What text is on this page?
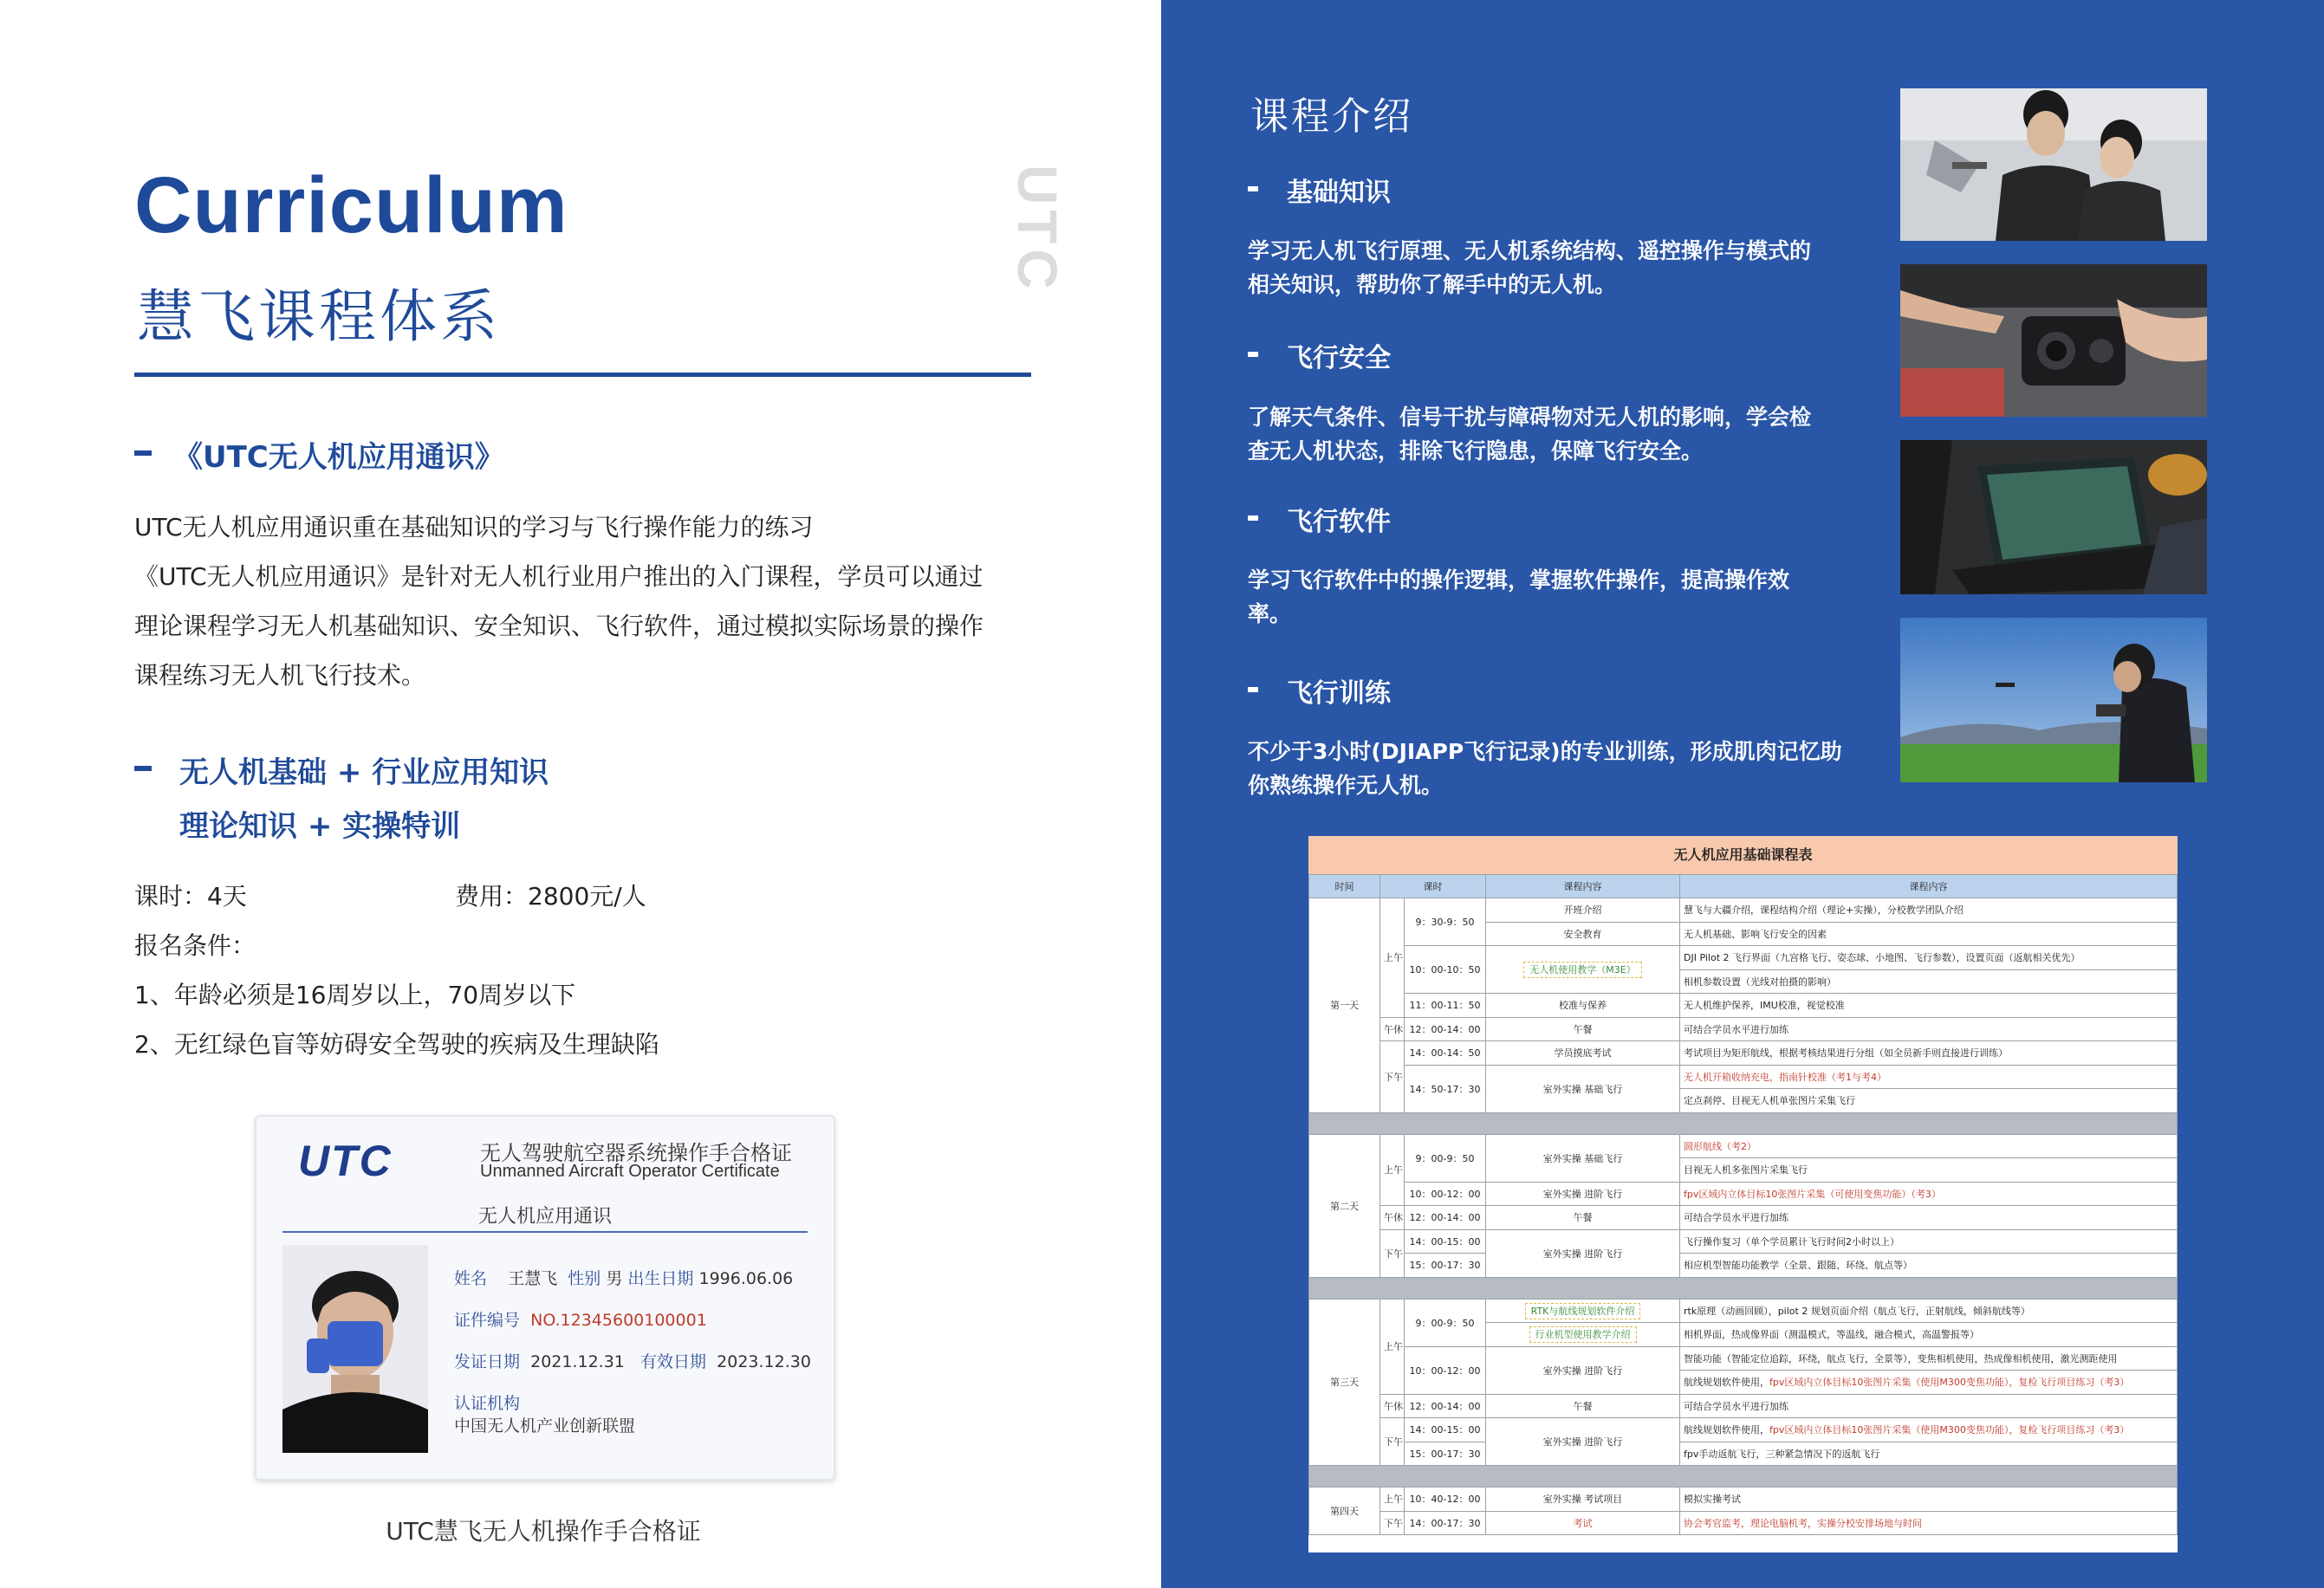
Curriculum
慧飞课程体系
UTC
《UTC无人机应用通识》
UTC无人机应用通识重在基础知识的学习与飞行操作能力的练习
《UTC无人机应用通识》是针对无人机行业用户推出的入门课程，学员可以通过
理论课程学习无人机基础知识、安全知识、飞行软件，通过模拟实际场景的操作
课程练习无人机飞行技术。
无人机基础 + 行业应用知识
理论知识 + 实操特训
课时：4天	费用：2800元/人
报名条件：
1、年龄必须是16周岁以上，70周岁以下
2、无红绿色盲等妨碍安全驾驶的疾病及生理缺陷
UTC	无人驾驶航空器系统操作手合格证
Unmanned Aircraft Operator Certificate
无人机应用通识
姓名 王慧飞 性别 男 出生日期 1996.06.06
证件编号 NO.12345600100001
发证日期 2021.12.31 有效日期 2023.12.30
认证机构
中国无人机产业创新联盟
UTC慧飞无人机操作手合格证
课程介绍
基础知识
学习无人机飞行原理、无人机系统结构、遥控操作与模式的
相关知识，帮助你了解手中的无人机。
飞行安全
了解天气条件、信号干扰与障碍物对无人机的影响，学会检
查无人机状态，排除飞行隐患，保障飞行安全。
飞行软件
学习飞行软件中的操作逻辑，掌握软件操作，提高操作效
率。
飞行训练
不少于3小时(DJIAPP飞行记录)的专业训练，形成肌肉记忆助
你熟练操作无人机。
无人机应用基础课程表
时间	课时		课程内容	课程内容
第一天	上午	9：30-9：50	开班介绍	慧飞与大疆介绍，课程结构介绍（理论+实操），分校教学团队介绍
			安全教育	无人机基础、影响飞行安全的因素
		10：00-10：50	无人机使用教学（M3E）	DJI Pilot 2 飞行界面（九宫格飞行、姿态球、小地图、飞行参数），设置页面（返航相关优先）
				相机参数设置（光线对拍摄的影响）
		11：00-11：50	校准与保养	无人机维护保养，IMU校准，视觉校准
	午休	12：00-14：00	午餐	可结合学员水平进行加练
	下午	14：00-14：50	学员摸底考试	考试项目为矩形航线，根据考核结果进行分组（如全员新手则直接进行训练）
		14：50-17：30	室外实操 基础飞行	无人机开箱收纳充电，指南针校准（考1与考4）
				定点刹停、目视无人机单张图片采集飞行

第二天	上午	9：00-9：50	室外实操 基础飞行	圆形航线（考2）
				目视无人机多张图片采集飞行
		10：00-12：00	室外实操 进阶飞行	fpv区域内立体目标10张图片采集（可使用变焦功能）（考3）
	午休	12：00-14：00	午餐	可结合学员水平进行加练
	下午	14：00-15：00	室外实操 进阶飞行	飞行操作复习（单个学员累计飞行时间2小时以上）
		15：00-17：30		相应机型智能功能教学（全景、跟随、环绕、航点等）

第三天	上午	9：00-9：50	RTK与航线规划软件介绍	rtk原理（动画回顾），pilot 2 规划页面介绍（航点飞行，正射航线，倾斜航线等）
			行业机型使用教学介绍	相机界面，热成像界面（测温模式，等温线，融合模式，高温警报等）
		10：00-12：00	室外实操 进阶飞行	智能功能（智能定位追踪，环绕，航点飞行，全景等），变焦相机使用，热成像相机使用，激光测距使用
				航线规划软件使用，fpv区域内立体目标10张图片采集（使用M300变焦功能），复检飞行项目练习（考3）
	午休	12：00-14：00	午餐	可结合学员水平进行加练
	下午	14：00-15：00	室外实操 进阶飞行	航线规划软件使用，fpv区域内立体目标10张图片采集（使用M300变焦功能），复检飞行项目练习（考3）
		15：00-17：30		fpv手动返航飞行，三种紧急情况下的返航飞行

第四天	上午	10：40-12：00	室外实操 考试项目	模拟实操考试
	下午	14：00-17：30	考试	协会考官监考，理论电脑机考，实操分校安排场地与时间
